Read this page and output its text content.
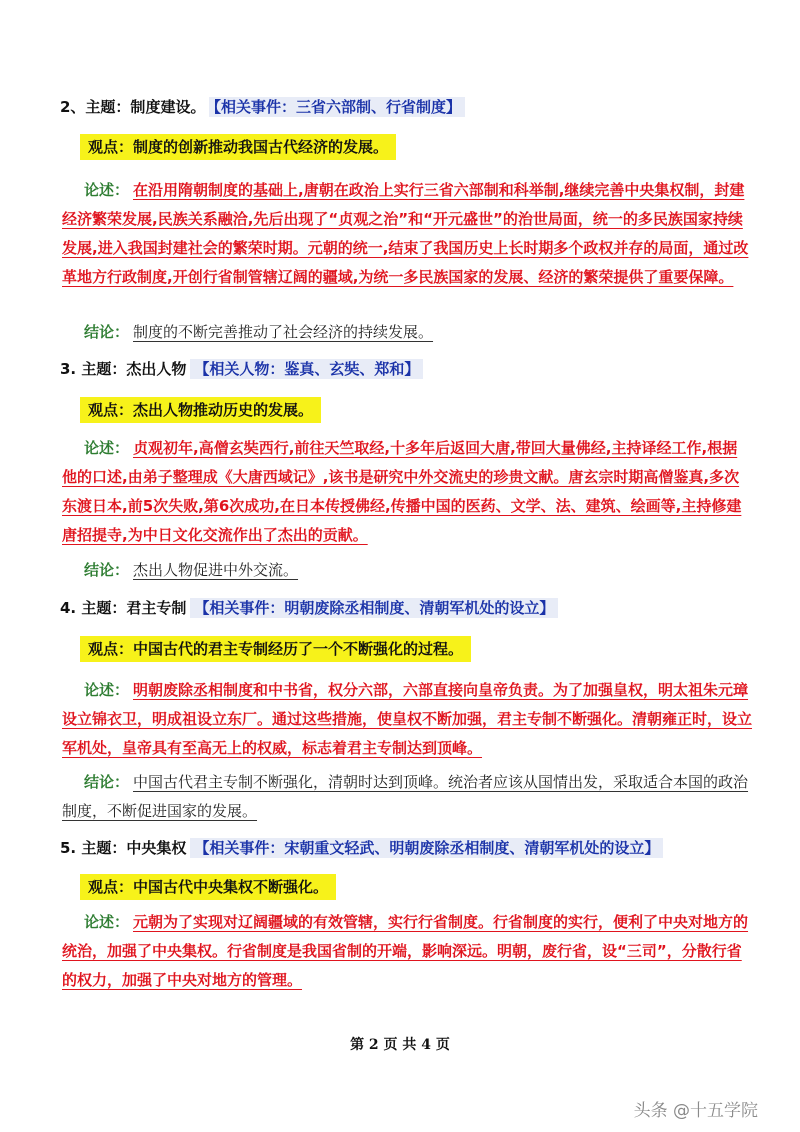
2、主题：制度建设。 【相关事件：三省六部制、行省制度】
观点：制度的创新推动我国古代经济的发展。
论述： 在沿用隋朝制度的基础上,唐朝在政治上实行三省六部制和科举制,继续完善中央集权制，封建经济繁荣发展,民族关系融洽,先后出现了“贞观之治”和“开元盛世”的治世局面，统一的多民族国家持续发展,进入我国封建社会的繁荣时期。元朝的统一,结束了我国历史上长时期多个政权并存的局面，通过改革地方行政制度,开创行省制管辖辽阔的疆域,为统一多民族国家的发展、经济的繁荣提供了重要保障。
结论： 制度的不断完善推动了社会经济的持续发展。
3. 主题：杰出人物 【相关人物：鉴真、玄奘、郑和】
观点：杰出人物推动历史的发展。
论述： 贞观初年,高僧玄奘西行,前往天竺取经,十多年后返回大唐,带回大量佛经,主持译经工作,根据他的口述,由弟子整理成《大唐西域记》,该书是研究中外交流史的珍贵文献。唐玄宗时期高僧鉴真,多次东渡日本,前5次失败,第6次成功,在日本传授佛经,传播中国的医药、文学、法、建筑、绘画等,主持修建唐招提寺,为中日文化交流作出了杰出的贡献。
结论： 杰出人物促进中外交流。
4. 主题：君主专制 【相关事件：明朝废除丞相制度、清朝军机处的设立】
观点：中国古代的君主专制经历了一个不断强化的过程。
论述： 明朝废除丞相制度和中书省，权分六部，六部直接向皇帝负责。为了加强皇权，明太祖朱元璋设立锦衣卫，明成祖设立东厂。通过这些措施，使皇权不断加强，君主专制不断强化。清朝雍正时，设立军机处，皇帝具有至高无上的权威，标志着君主专制达到顶峰。
结论： 中国古代君主专制不断强化，清朝时达到顶峰。统治者应该从国情出发，采取适合本国的政治制度，不断促进国家的发展。
5. 主题：中央集权 【相关事件：宋朝重文轻武、明朝废除丞相制度、清朝军机处的设立】
观点：中国古代中央集权不断强化。
论述： 元朝为了实现对辽阔疆域的有效管辖，实行行省制度。行省制度的实行，便利了中央对地方的统治，加强了中央集权。行省制度是我国省制的开端，影响深远。明朝，废行省，设“三司”，分散行省的权力，加强了中央对地方的管理。
第 2 页 共 4 页
头条 @十五学院
